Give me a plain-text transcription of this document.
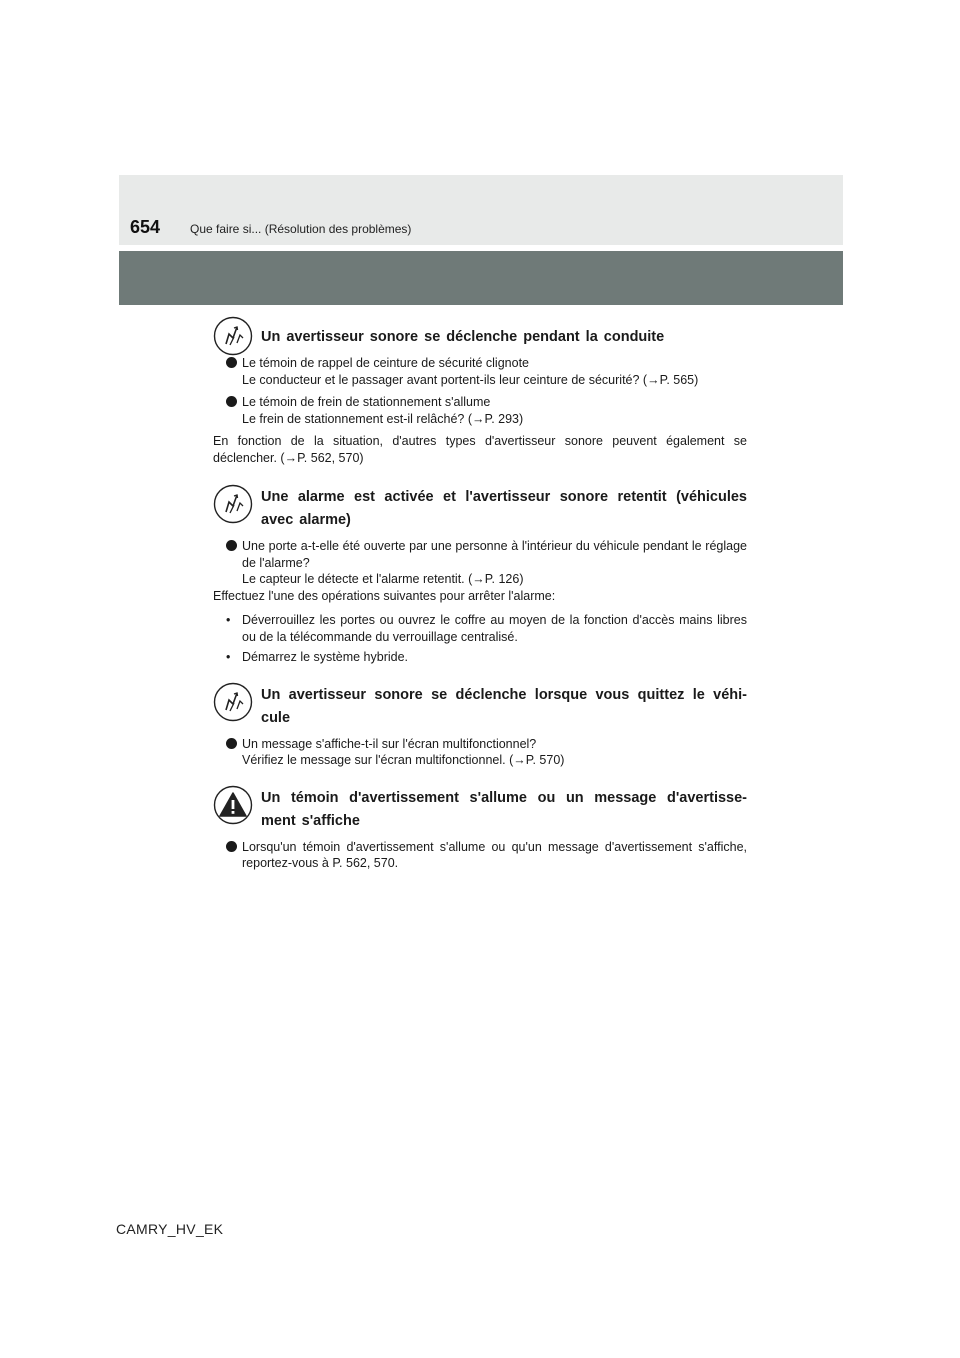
654 Que faire si... (Résolution des problèmes)
Un avertisseur sonore se déclenche pendant la conduite

Le témoin de rappel de ceinture de sécurité clignote

Le conducteur et le passager avant portent-ils leur ceinture de sécurité? (→P. 565)

Le témoin de frein de stationnement s'allume

Le frein de stationnement est-il relâché? (→P. 293)

En fonction de la situation, d'autres types d'avertisseur sonore peuvent également se déclencher. (→P. 562, 570)

Une alarme est activée et l'avertisseur sonore retentit (véhicules avec alarme)

Une porte a-t-elle été ouverte par une personne à l'intérieur du véhicule pendant le réglage de l'alarme?

Le capteur le détecte et l'alarme retentit. (→P. 126)

Effectuez l'une des opérations suivantes pour arrêter l'alarme:

• Déverrouillez les portes ou ouvrez le coffre au moyen de la fonction d'accès mains libres ou de la télécommande du verrouillage centralisé.

• Démarrez le système hybride.

Un avertisseur sonore se déclenche lorsque vous quittez le véhi-cule

Un message s'affiche-t-il sur l'écran multifonctionnel?

Vérifiez le message sur l'écran multifonctionnel. (→P. 570)

Un témoin d'avertissement s'allume ou un message d'avertisse-ment s'affiche

Lorsqu'un témoin d'avertissement s'allume ou qu'un message d'avertissement s'affiche, reportez-vous à P. 562, 570.

CAMRY_HV_EK
